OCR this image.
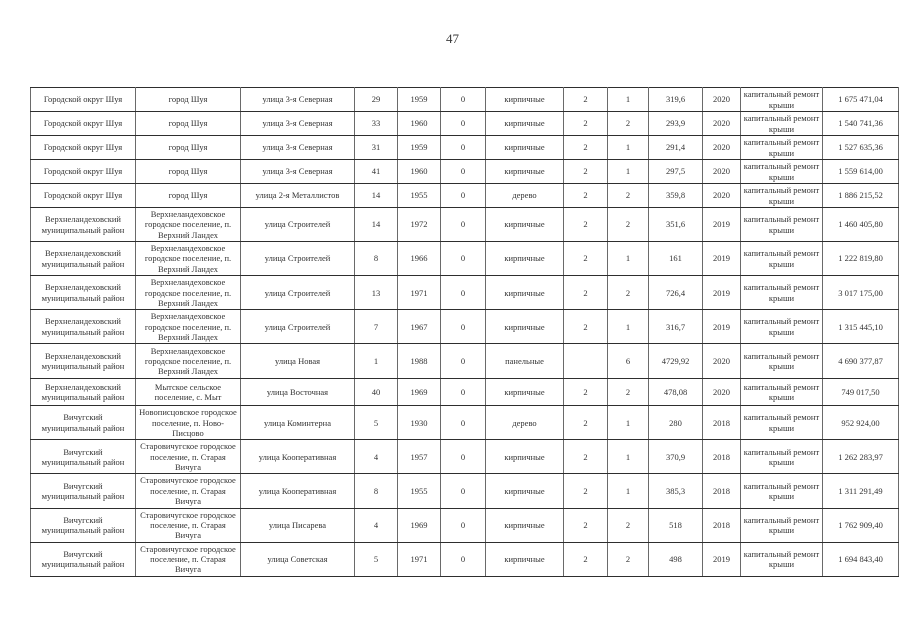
47
Городской округ Шуя	город Шуя	улица 3-я Северная	29	1959	0	кирпичные	2	1	319,6	2020	капитальный ремонт крыши	1 675 471,04
Городской округ Шуя	город Шуя	улица 3-я Северная	33	1960	0	кирпичные	2	2	293,9	2020	капитальный ремонт крыши	1 540 741,36
Городской округ Шуя	город Шуя	улица 3-я Северная	31	1959	0	кирпичные	2	1	291,4	2020	капитальный ремонт крыши	1 527 635,36
Городской округ Шуя	город Шуя	улица 3-я Северная	41	1960	0	кирпичные	2	1	297,5	2020	капитальный ремонт крыши	1 559 614,00
Городской округ Шуя	город Шуя	улица 2-я Металлистов	14	1955	0	дерево	2	2	359,8	2020	капитальный ремонт крыши	1 886 215,52
Верхнеландеховский муниципальный район	Верхнеландеховское городское поселение, п. Верхний Ландех	улица Строителей	14	1972	0	кирпичные	2	2	351,6	2019	капитальный ремонт крыши	1 460 405,80
Верхнеландеховский муниципальный район	Верхнеландеховское городское поселение, п. Верхний Ландех	улица Строителей	8	1966	0	кирпичные	2	1	161	2019	капитальный ремонт крыши	1 222 819,80
Верхнеландеховский муниципальный район	Верхнеландеховское городское поселение, п. Верхний Ландех	улица Строителей	13	1971	0	кирпичные	2	2	726,4	2019	капитальный ремонт крыши	3 017 175,00
Верхнеландеховский муниципальный район	Верхнеландеховское городское поселение, п. Верхний Ландех	улица Строителей	7	1967	0	кирпичные	2	1	316,7	2019	капитальный ремонт крыши	1 315 445,10
Верхнеландеховский муниципальный район	Верхнеландеховское городское поселение, п. Верхний Ландех	улица Новая	1	1988	0	панельные		6	4729,92	2020	капитальный ремонт крыши	4 690 377,87
Верхнеландеховский муниципальный район	Мытское сельское поселение, с. Мыт	улица Восточная	40	1969	0	кирпичные	2	2	478,08	2020	капитальный ремонт крыши	749 017,50
Вичугский муниципальный район	Новописцовское городское поселение, п. Ново-Писцово	улица Коминтерна	5	1930	0	дерево	2	1	280	2018	капитальный ремонт крыши	952 924,00
Вичугский муниципальный район	Старовичугское городское поселение, п. Старая Вичуга	улица Кооперативная	4	1957	0	кирпичные	2	1	370,9	2018	капитальный ремонт крыши	1 262 283,97
Вичугский муниципальный район	Старовичугское городское поселение, п. Старая Вичуга	улица Кооперативная	8	1955	0	кирпичные	2	1	385,3	2018	капитальный ремонт крыши	1 311 291,49
Вичугский муниципальный район	Старовичугское городское поселение, п. Старая Вичуга	улица Писарева	4	1969	0	кирпичные	2	2	518	2018	капитальный ремонт крыши	1 762 909,40
Вичугский муниципальный район	Старовичугское городское поселение, п. Старая Вичуга	улица Советская	5	1971	0	кирпичные	2	2	498	2019	капитальный ремонт крыши	1 694 843,40
